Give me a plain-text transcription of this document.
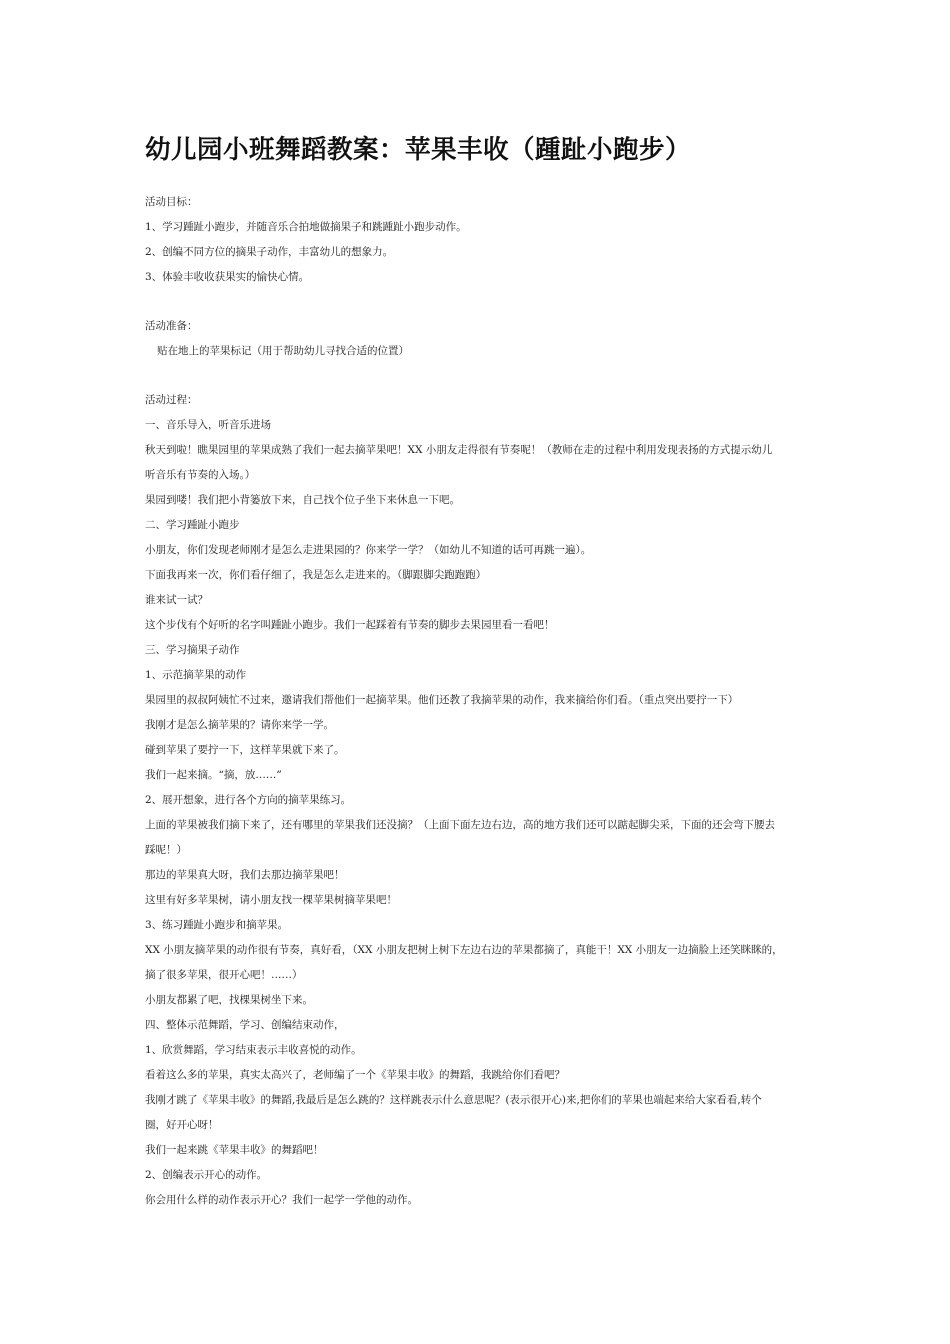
幼儿园小班舞蹈教案：苹果丰收（踵趾小跑步）
活动目标：
1、学习踵趾小跑步，并随音乐合拍地做摘果子和跳踵趾小跑步动作。
2、创编不同方位的摘果子动作，丰富幼儿的想象力。
3、体验丰收收获果实的愉快心情。
活动准备：
贴在地上的苹果标记（用于帮助幼儿寻找合适的位置）
活动过程：
一、音乐导入，听音乐进场
秋天到啦！瞧果园里的苹果成熟了我们一起去摘苹果吧！XX 小朋友走得很有节奏呢！（教师在走的过程中利用发现表扬的方式提示幼儿
听音乐有节奏的入场。）
果园到喽！我们把小背篓放下来，自己找个位子坐下来休息一下吧。
二、学习踵趾小跑步
小朋友，你们发现老师刚才是怎么走进果园的？你来学一学？（如幼儿不知道的话可再跳一遍）。
下面我再来一次，你们看仔细了，我是怎么走进来的。（脚跟脚尖跑跑跑）
谁来试一试？
这个步伐有个好听的名字叫踵趾小跑步。我们一起踩着有节奏的脚步去果园里看一看吧！
三、学习摘果子动作
1、示范摘苹果的动作
果园里的叔叔阿姨忙不过来，邀请我们帮他们一起摘苹果。他们还教了我摘苹果的动作，我来摘给你们看。（重点突出要拧一下）
我刚才是怎么摘苹果的？请你来学一学。
碰到苹果了要拧一下，这样苹果就下来了。
我们一起来摘。“摘，放……”
2、展开想象，进行各个方向的摘苹果练习。
上面的苹果被我们摘下来了，还有哪里的苹果我们还没摘？（上面下面左边右边，高的地方我们还可以踮起脚尖采，下面的还会弯下腰去
踩呢！）
那边的苹果真大呀，我们去那边摘苹果吧！
这里有好多苹果树，请小朋友找一棵苹果树摘苹果吧！
3、练习踵趾小跑步和摘苹果。
XX 小朋友摘苹果的动作很有节奏，真好看，（XX 小朋友把树上树下左边右边的苹果都摘了，真能干！XX 小朋友一边摘脸上还笑眯眯的，
摘了很多苹果，很开心吧！……）
小朋友都累了吧，找棵果树坐下来。
四、整体示范舞蹈，学习、创编结束动作，
1、欣赏舞蹈，学习结束表示丰收喜悦的动作。
看着这么多的苹果，真实太高兴了，老师编了一个《苹果丰收》的舞蹈，我跳给你们看吧？
我刚才跳了《苹果丰收》的舞蹈,我最后是怎么跳的？这样跳表示什么意思呢？(表示很开心)来,把你们的苹果也端起来给大家看看,转个
圈，好开心呀！
我们一起来跳《苹果丰收》的舞蹈吧！
2、创编表示开心的动作。
你会用什么样的动作表示开心？我们一起学一学他的动作。
